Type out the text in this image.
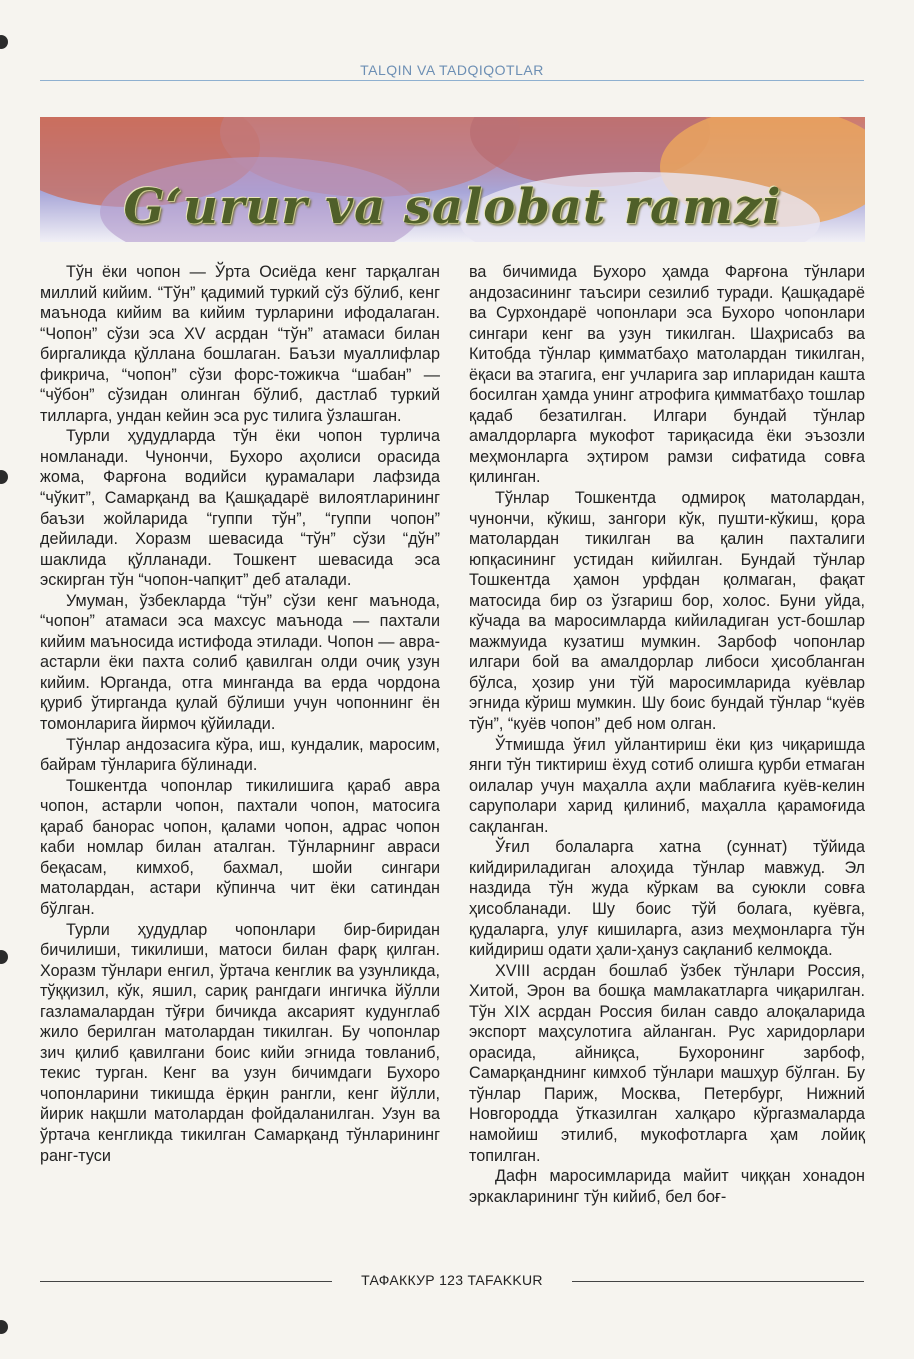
TALQIN VA TADQIQOTLAR
G‘urur va salobat ramzi

Тўн ёки чопон — Ўрта Осиёда кенг тарқалган миллий кийим. “Тўн” қадимий туркий сўз бўлиб, кенг маънода кийим ва кийим турларини ифодалаган. “Чопон” сўзи эса XV асрдан “тўн” атамаси билан биргаликда қўллана бошлаган. Баъзи муаллифлар фикрича, “чопон” сўзи форс-тожикча “шабан” — “чўбон” сўзидан олинган бўлиб, дастлаб туркий тилларга, ундан кейин эса рус тилига ўзлашган.

Турли ҳудудларда тўн ёки чопон турлича номланади. Чунончи, Бухоро аҳолиси орасида жома, Фарғона водийси қурамалари лафзида “чўкит”, Самарқанд ва Қашқадарё вилоятларининг баъзи жойларида “гуппи тўн”, “гуппи чопон” дейилади. Хоразм шевасида “тўн” сўзи “дўн” шаклида қўлланади. Тошкент шевасида эса эскирган тўн “чопон-чапқит” деб аталади.

Умуман, ўзбекларда “тўн” сўзи кенг маънода, “чопон” атамаси эса махсус маънода — пахтали кийим маъносида истифода этилади. Чопон — авра-астарли ёки пахта солиб қавилган олди очиқ узун кийим. Юрганда, отга минганда ва ерда чордона қуриб ўтирганда қулай бўлиши учун чопоннинг ён томонларига йирмоч қўйилади.

Тўнлар андозасига кўра, иш, кундалик, маросим, байрам тўнларига бўлинади.

Тошкентда чопонлар тикилишига қараб авра чопон, астарли чопон, пахтали чопон, матосига қараб банорас чопон, қалами чопон, адрас чопон каби номлар билан аталган. Тўнларнинг авраси беқасам, кимхоб, бахмал, шойи сингари матолардан, астари кўпинча чит ёки сатиндан бўлган.

Турли ҳудудлар чопонлари бир-биридан бичилиши, тикилиши, матоси билан фарқ қилган. Хоразм тўнлари енгил, ўртача кенглик ва узунликда, тўққизил, кўк, яшил, сариқ рангдаги ингичка йўлли газламалардан тўғри бичикда аксарият кудунглаб жило берилган матолардан тикилган. Бу чопонлар зич қилиб қавилгани боис кийи эгнида товланиб, текис турган. Кенг ва узун бичимдаги Бухоро чопонларини тикишда ёрқин рангли, кенг йўлли, йирик нақшли матолардан фойдаланилган. Узун ва ўртача кенгликда тикилган Самарқанд тўнларининг ранг-туси

ва бичимида Бухоро ҳамда Фарғона тўнлари андозасининг таъсири сезилиб туради. Қашқадарё ва Сурхондарё чопонлари эса Бухоро чопонлари сингари кенг ва узун тикилган. Шаҳрисабз ва Китобда тўнлар қимматбаҳо матолардан тикилган, ёқаси ва этагига, енг учларига зар ипларидан кашта босилган ҳамда унинг атрофига қимматбаҳо тошлар қадаб безатилган. Илгари бундай тўнлар амалдорларга мукофот тариқасида ёки эъзозли меҳмонларга эҳтиром рамзи сифатида совға қилинган.

Тўнлар Тошкентда одмироқ матолардан, чунончи, кўкиш, зангори кўк, пушти-кўкиш, қора матолардан тикилган ва қалин пахталиги юпқасининг устидан кийилган. Бундай тўнлар Тошкентда ҳамон урфдан қолмаган, фақат матосида бир оз ўзгариш бор, холос. Буни уйда, кўчада ва маросимларда кийиладиган уст-бошлар мажмуида кузатиш мумкин. Зарбоф чопонлар илгари бой ва амалдорлар либоси ҳисобланган бўлса, ҳозир уни тўй маросимларида куёвлар эгнида кўриш мумкин. Шу боис бундай тўнлар “куёв тўн”, “куёв чопон” деб ном олган.

Ўтмишда ўғил уйлантириш ёки қиз чиқаришда янги тўн тиктириш ёхуд сотиб олишга қурби етмаган оилалар учун маҳалла аҳли маблағига куёв-келин саруполари харид қилиниб, маҳалла қарамоғида сақланган.

Ўғил болаларга хатна (суннат) тўйида кийдириладиган алоҳида тўнлар мавжуд. Эл наздида тўн жуда кўркам ва суюкли совға ҳисобланади. Шу боис тўй болага, куёвга, қудаларга, улуғ кишиларга, азиз меҳмонларга тўн кийдириш одати ҳали-ҳануз сақланиб келмоқда.

XVIII асрдан бошлаб ўзбек тўнлари Россия, Хитой, Эрон ва бошқа мамлакатларга чиқарилган. Тўн XIX асрдан Россия билан савдо алоқаларида экспорт маҳсулотига айланган. Рус харидорлари орасида, айниқса, Бухоронинг зарбоф, Самарқанднинг кимхоб тўнлари машҳур бўлган. Бу тўнлар Париж, Москва, Петербург, Нижний Новгородда ўтказилган халқаро кўргазмаларда намойиш этилиб, мукофотларга ҳам лойиқ топилган.

Дафн маросимларида майит чиққан хонадон эркакларининг тўн кийиб, бел боғ-

ТАФАККУР 123 TAFAKKUR
